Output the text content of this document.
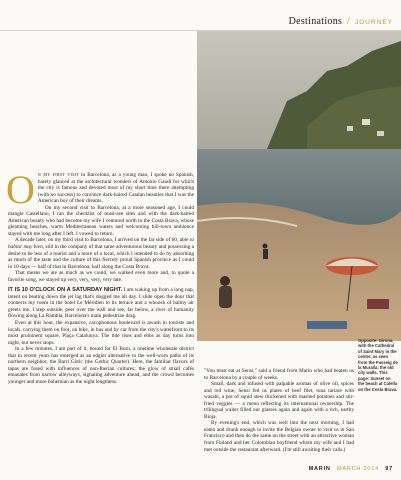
Destinations / JOURNEY
Opposite: Girona, with the Cathedral of Saint Mary in the center, as seen from the Passeig de la Muralla; the old city walls. This page: Sunset on the beach at Calella on the Costa Brava.

O n my first visit to Barcelona, as a young man, I spoke no Spanish, barely glanced at the architectural wonders of Antonio Gaudí for which the city is famous and devoted most of my short time there attempting (with no success) to convince dark-haired Catalan beauties that I was the American boy of their dreams.

On my second visit to Barcelona, at a more seasoned age, I could mangle Castellano, I ran the checklist of must-see sites and with the dark-haired American beauty who had become my wife I ventured north to the Costa Brava, whose gleaming beaches, warm Mediterranean waters and welcoming hill-town ambience stayed with me long after I left. I vowed to return.

A decade later, on my third visit to Barcelona, I arrived on the far side of 60, able to hablar muy bien, still in the company of that same adventurous beauty and possessing a desire to be less of a tourist and a more of a local, which I intended to do by absorbing as much of the taste and the culture of this fiercely proud Spanish province as I could in 10 days — half of that in Barcelona, half along the Costa Brava.

That means we ate as much as we could, we walked even more and, to quote a favorite song, we stayed up very, very, very, very late.

IT IS 10 O'CLOCK ON A SATURDAY NIGHT. I am waking up from a long nap, intent on beating down the jet lag that's dogged me all day. I slide open the door that connects my room in the hotel Le Méridien to its terrace and a whoosh of balmy air greets me. I step outside, peer over the wall and see, far below, a river of humanity flowing along La Rambla, Barcelona's main pedestrian drag.

Even at this hour, the expansive, cacophonous boulevard is awash in tourists and locals, carrying them on foot, on bike, in bus and by car from the city's waterfront to its most prominent square, Plaça Catalunya. The tide rises and ebbs as day turns into night, but never stops.

In a few minutes, I am part of it, bound for El Born, a onetime wholesale district that in recent years has emerged as an edgier alternative to the well-worn paths of its northern neighbor, the Barri Gòtic (the Gothic Quarter). Here, the familiar flavors of tapas are fused with influences of non-Iberian cultures; the glow of small cafés emanates from narrow alleyways, signaling adventure ahead, and the crowd becomes younger and more bohemian as the night lengthens.

"You must eat at Sensi," said a friend from Marin who had beaten us to Barcelona by a couple of weeks.

Small, dark and infused with palpable aromas of olive oil, spices and red wine, Sensi fed us plates of beef filet, tuna tartare with wasabi, a pot of squid stew thickened with mashed potatoes and stir-fried veggies — a menu reflecting its international ownership. The trilingual waiter filled our glasses again and again with a rich, earthy Rioja.

By evening's end, which was well into the next morning, I had eaten and drunk enough to invite the Belgian owner to visit us in San Francisco and then do the same on the street with an attractive woman from Finland and her Colombian boyfriend whom my wife and I had met outside the restaurant afterward. (I'm still awaiting their calls.)

MARIN MARCH 2014 97
